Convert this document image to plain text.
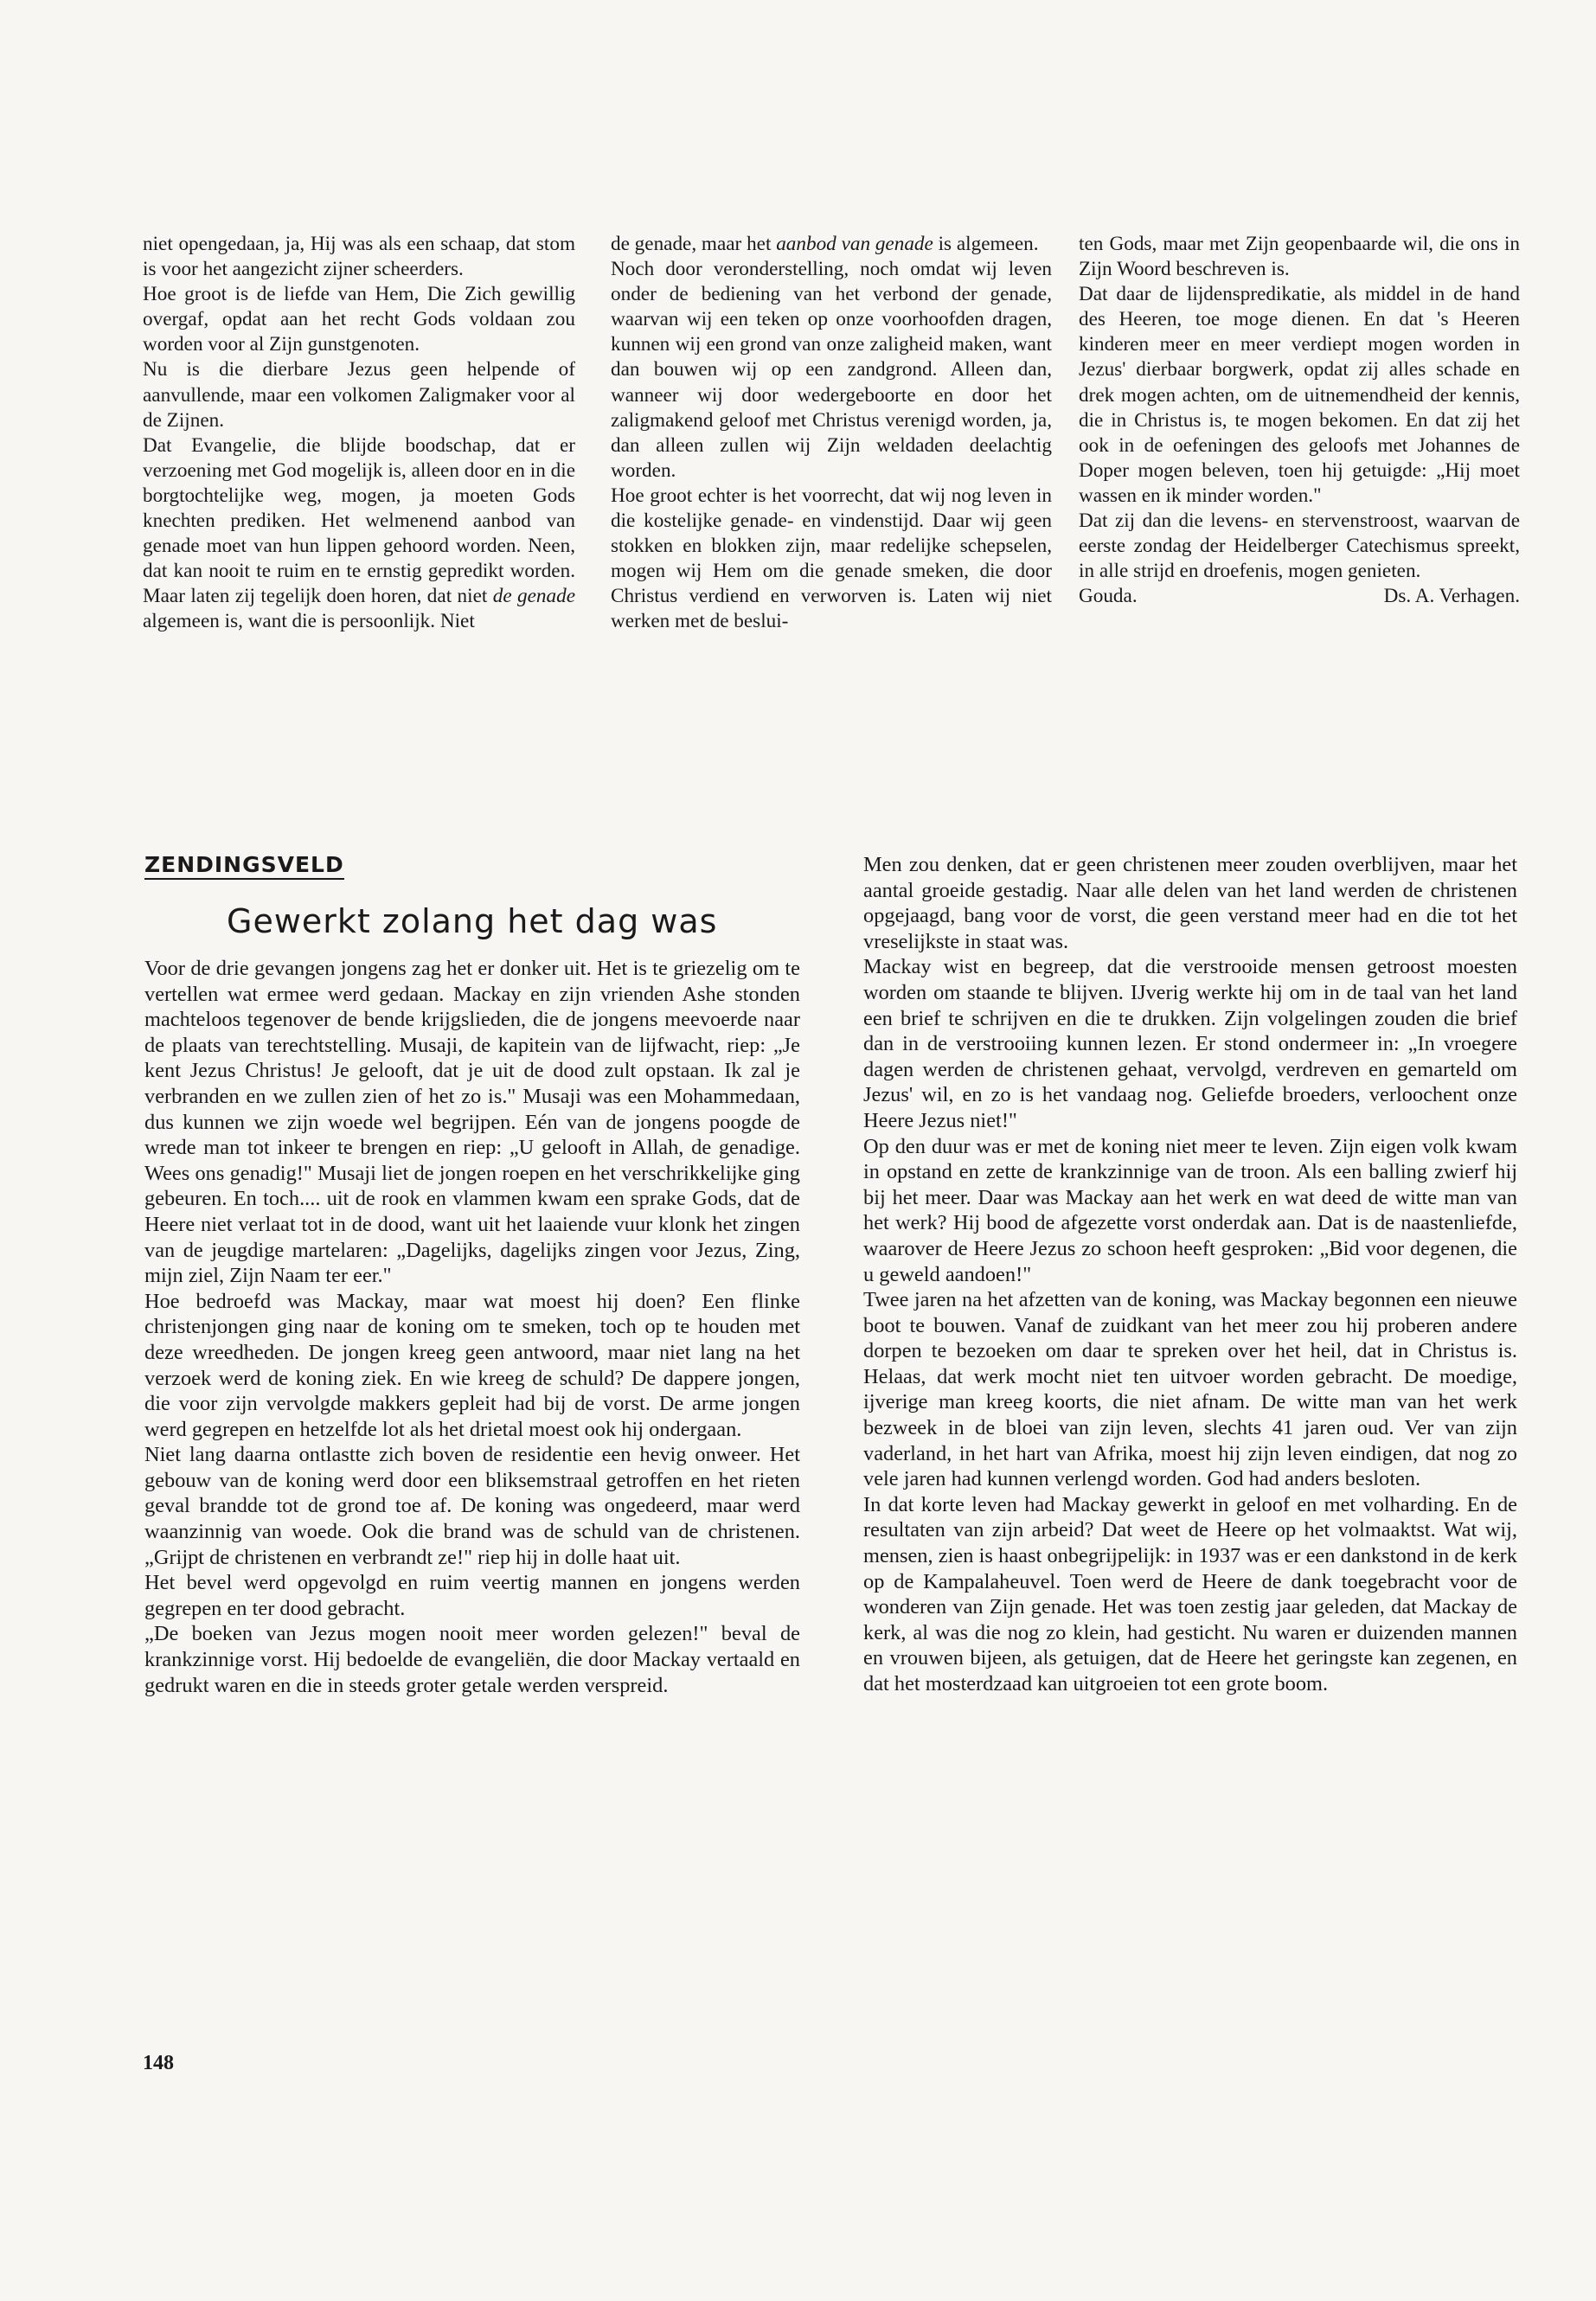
niet opengedaan, ja, Hij was als een schaap, dat stom is voor het aangezicht zijner scheerders.

Hoe groot is de liefde van Hem, Die Zich gewillig overgaf, opdat aan het recht Gods voldaan zou worden voor al Zijn gunstgenoten.

Nu is die dierbare Jezus geen helpende of aanvullende, maar een volkomen Zaligmaker voor al de Zijnen.

Dat Evangelie, die blijde boodschap, dat er verzoening met God mogelijk is, alleen door en in die borgtochtelijke weg, mogen, ja moeten Gods knechten prediken. Het welmenend aanbod van genade moet van hun lippen gehoord worden. Neen, dat kan nooit te ruim en te ernstig gepredikt worden. Maar laten zij tegelijk doen horen, dat niet de genade algemeen is, want die is persoonlijk. Niet

de genade, maar het aanbod van genade is algemeen.

Noch door veronderstelling, noch omdat wij leven onder de bediening van het verbond der genade, waarvan wij een teken op onze voorhoofden dragen, kunnen wij een grond van onze zaligheid maken, want dan bouwen wij op een zandgrond. Alleen dan, wanneer wij door wedergeboorte en door het zaligmakend geloof met Christus verenigd worden, ja, dan alleen zullen wij Zijn weldaden deelachtig worden.

Hoe groot echter is het voorrecht, dat wij nog leven in die kostelijke genade- en vindenstijd. Daar wij geen stokken en blokken zijn, maar redelijke schepselen, mogen wij Hem om die genade smeken, die door Christus verdiend en verworven is. Laten wij niet werken met de beslui-

ten Gods, maar met Zijn geopenbaarde wil, die ons in Zijn Woord beschreven is.

Dat daar de lijdenspredikatie, als middel in de hand des Heeren, toe moge dienen. En dat 's Heeren kinderen meer en meer verdiept mogen worden in Jezus' dierbaar borgwerk, opdat zij alles schade en drek mogen achten, om de uitnemendheid der kennis, die in Christus is, te mogen bekomen. En dat zij het ook in de oefeningen des geloofs met Johannes de Doper mogen beleven, toen hij getuigde: „Hij moet wassen en ik minder worden."

Dat zij dan die levens- en stervenstroost, waarvan de eerste zondag der Heidelberger Catechismus spreekt, in alle strijd en droefenis, mogen genieten.

Gouda.	Ds. A. Verhagen.
ZENDINGSVELD
Gewerkt zolang het dag was

Voor de drie gevangen jongens zag het er donker uit. Het is te griezelig om te vertellen wat ermee werd gedaan. Mackay en zijn vrienden Ashe stonden machteloos tegenover de bende krijgslieden, die de jongens meevoerde naar de plaats van terechtstelling. Musaji, de kapitein van de lijfwacht, riep: „Je kent Jezus Christus! Je gelooft, dat je uit de dood zult opstaan. Ik zal je verbranden en we zullen zien of het zo is." Musaji was een Mohammedaan, dus kunnen we zijn woede wel begrijpen. Eén van de jongens poogde de wrede man tot inkeer te brengen en riep: „U gelooft in Allah, de genadige. Wees ons genadig!" Musaji liet de jongen roepen en het verschrikkelijke ging gebeuren. En toch.... uit de rook en vlammen kwam een sprake Gods, dat de Heere niet verlaat tot in de dood, want uit het laaiende vuur klonk het zingen van de jeugdige martelaren: „Dagelijks, dagelijks zingen voor Jezus, Zing, mijn ziel, Zijn Naam ter eer."

Hoe bedroefd was Mackay, maar wat moest hij doen? Een flinke christenjongen ging naar de koning om te smeken, toch op te houden met deze wreedheden. De jongen kreeg geen antwoord, maar niet lang na het verzoek werd de koning ziek. En wie kreeg de schuld? De dappere jongen, die voor zijn vervolgde makkers gepleit had bij de vorst. De arme jongen werd gegrepen en hetzelfde lot als het drietal moest ook hij ondergaan.

Niet lang daarna ontlastte zich boven de residentie een hevig onweer. Het gebouw van de koning werd door een bliksemstraal getroffen en het rieten geval brandde tot de grond toe af. De koning was ongedeerd, maar werd waanzinnig van woede. Ook die brand was de schuld van de christenen. „Grijpt de christenen en verbrandt ze!" riep hij in dolle haat uit.

Het bevel werd opgevolgd en ruim veertig mannen en jongens werden gegrepen en ter dood gebracht.

„De boeken van Jezus mogen nooit meer worden gelezen!" beval de krankzinnige vorst. Hij bedoelde de evangeliën, die door Mackay vertaald en gedrukt waren en die in steeds groter getale werden verspreid.

Men zou denken, dat er geen christenen meer zouden overblijven, maar het aantal groeide gestadig. Naar alle delen van het land werden de christenen opgejaagd, bang voor de vorst, die geen verstand meer had en die tot het vreselijkste in staat was.

Mackay wist en begreep, dat die verstrooide mensen getroost moesten worden om staande te blijven. IJverig werkte hij om in de taal van het land een brief te schrijven en die te drukken. Zijn volgelingen zouden die brief dan in de verstrooiing kunnen lezen. Er stond ondermeer in: „In vroegere dagen werden de christenen gehaat, vervolgd, verdreven en gemarteld om Jezus' wil, en zo is het vandaag nog. Geliefde broeders, verloochent onze Heere Jezus niet!"

Op den duur was er met de koning niet meer te leven. Zijn eigen volk kwam in opstand en zette de krankzinnige van de troon. Als een balling zwierf hij bij het meer. Daar was Mackay aan het werk en wat deed de witte man van het werk? Hij bood de afgezette vorst onderdak aan. Dat is de naastenliefde, waarover de Heere Jezus zo schoon heeft gesproken: „Bid voor degenen, die u geweld aandoen!"

Twee jaren na het afzetten van de koning, was Mackay begonnen een nieuwe boot te bouwen. Vanaf de zuidkant van het meer zou hij proberen andere dorpen te bezoeken om daar te spreken over het heil, dat in Christus is. Helaas, dat werk mocht niet ten uitvoer worden gebracht. De moedige, ijverige man kreeg koorts, die niet afnam. De witte man van het werk bezweek in de bloei van zijn leven, slechts 41 jaren oud. Ver van zijn vaderland, in het hart van Afrika, moest hij zijn leven eindigen, dat nog zo vele jaren had kunnen verlengd worden. God had anders besloten.

In dat korte leven had Mackay gewerkt in geloof en met volharding. En de resultaten van zijn arbeid? Dat weet de Heere op het volmaaktst. Wat wij, mensen, zien is haast onbegrijpelijk: in 1937 was er een dankstond in de kerk op de Kampalaheuvel. Toen werd de Heere de dank toegebracht voor de wonderen van Zijn genade. Het was toen zestig jaar geleden, dat Mackay de kerk, al was die nog zo klein, had gesticht. Nu waren er duizenden mannen en vrouwen bijeen, als getuigen, dat de Heere het geringste kan zegenen, en dat het mosterdzaad kan uitgroeien tot een grote boom.

148
